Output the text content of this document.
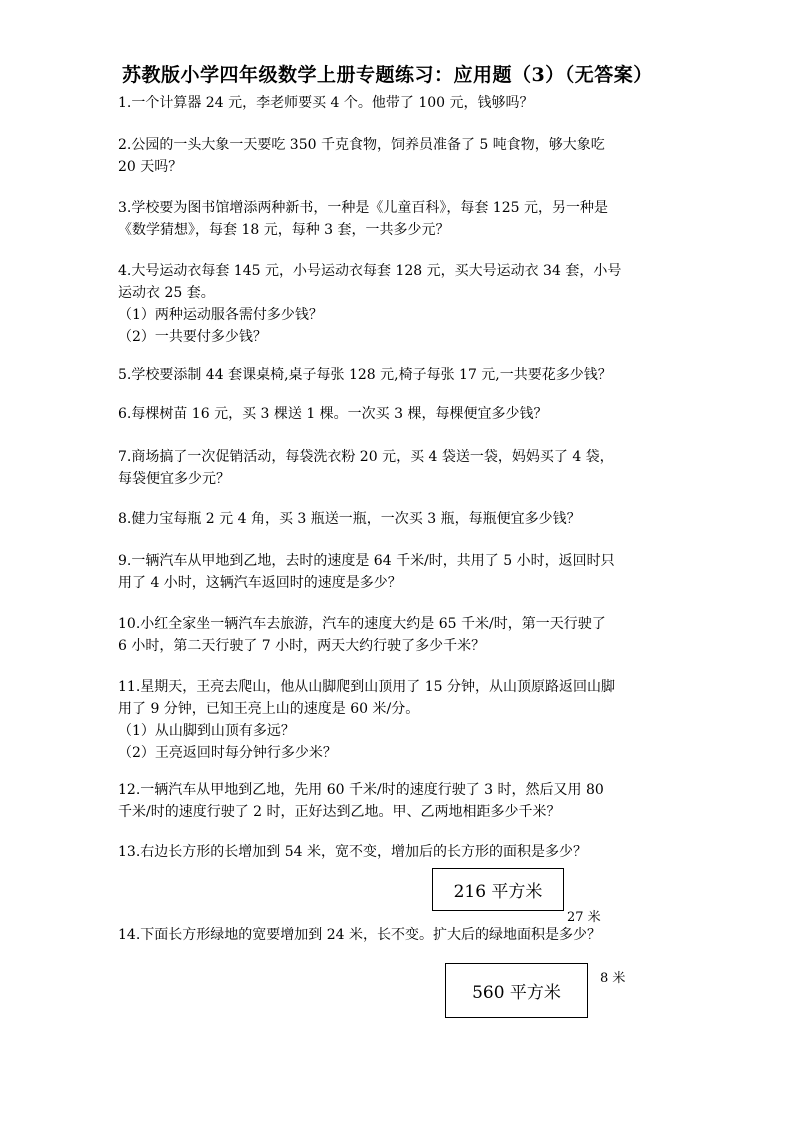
苏教版小学四年级数学上册专题练习：应用题（3）（无答案）

1.一个计算器 24 元，李老师要买 4 个。他带了 100 元，钱够吗？

2.公园的一头大象一天要吃 350 千克食物，饲养员准备了 5 吨食物，够大象吃

20 天吗？

3.学校要为图书馆增添两种新书，一种是《儿童百科》，每套 125 元，另一种是

《数学猜想》，每套 18 元，每种 3 套，一共多少元？

4.大号运动衣每套 145 元，小号运动衣每套 128 元，买大号运动衣 34 套，小号

运动衣 25 套。

（1）两种运动服各需付多少钱？

（2）一共要付多少钱？

5.学校要添制 44 套课桌椅,桌子每张 128 元,椅子每张 17 元,一共要花多少钱？

6.每棵树苗 16 元，买 3 棵送 1 棵。一次买 3 棵，每棵便宜多少钱？

7.商场搞了一次促销活动，每袋洗衣粉 20 元，买 4 袋送一袋，妈妈买了 4 袋，

每袋便宜多少元？

8.健力宝每瓶 2 元 4 角，买 3 瓶送一瓶，一次买 3 瓶，每瓶便宜多少钱？

9.一辆汽车从甲地到乙地，去时的速度是 64 千米/时，共用了 5 小时，返回时只

用了 4 小时，这辆汽车返回时的速度是多少？

10.小红全家坐一辆汽车去旅游，汽车的速度大约是 65 千米/时，第一天行驶了

6 小时，第二天行驶了 7 小时，两天大约行驶了多少千米？

11.星期天，王亮去爬山，他从山脚爬到山顶用了 15 分钟，从山顶原路返回山脚

用了 9 分钟，已知王亮上山的速度是 60 米/分。

（1）从山脚到山顶有多远？

（2）王亮返回时每分钟行多少米？

12.一辆汽车从甲地到乙地，先用 60 千米/时的速度行驶了 3 时，然后又用 80

千米/时的速度行驶了 2 时，正好达到乙地。甲、乙两地相距多少千米？

13.右边长方形的长增加到 54 米，宽不变，增加后的长方形的面积是多少？

216 平方米
27 米

14.下面长方形绿地的宽要增加到 24 米，长不变。扩大后的绿地面积是多少？

560 平方米
8 米
